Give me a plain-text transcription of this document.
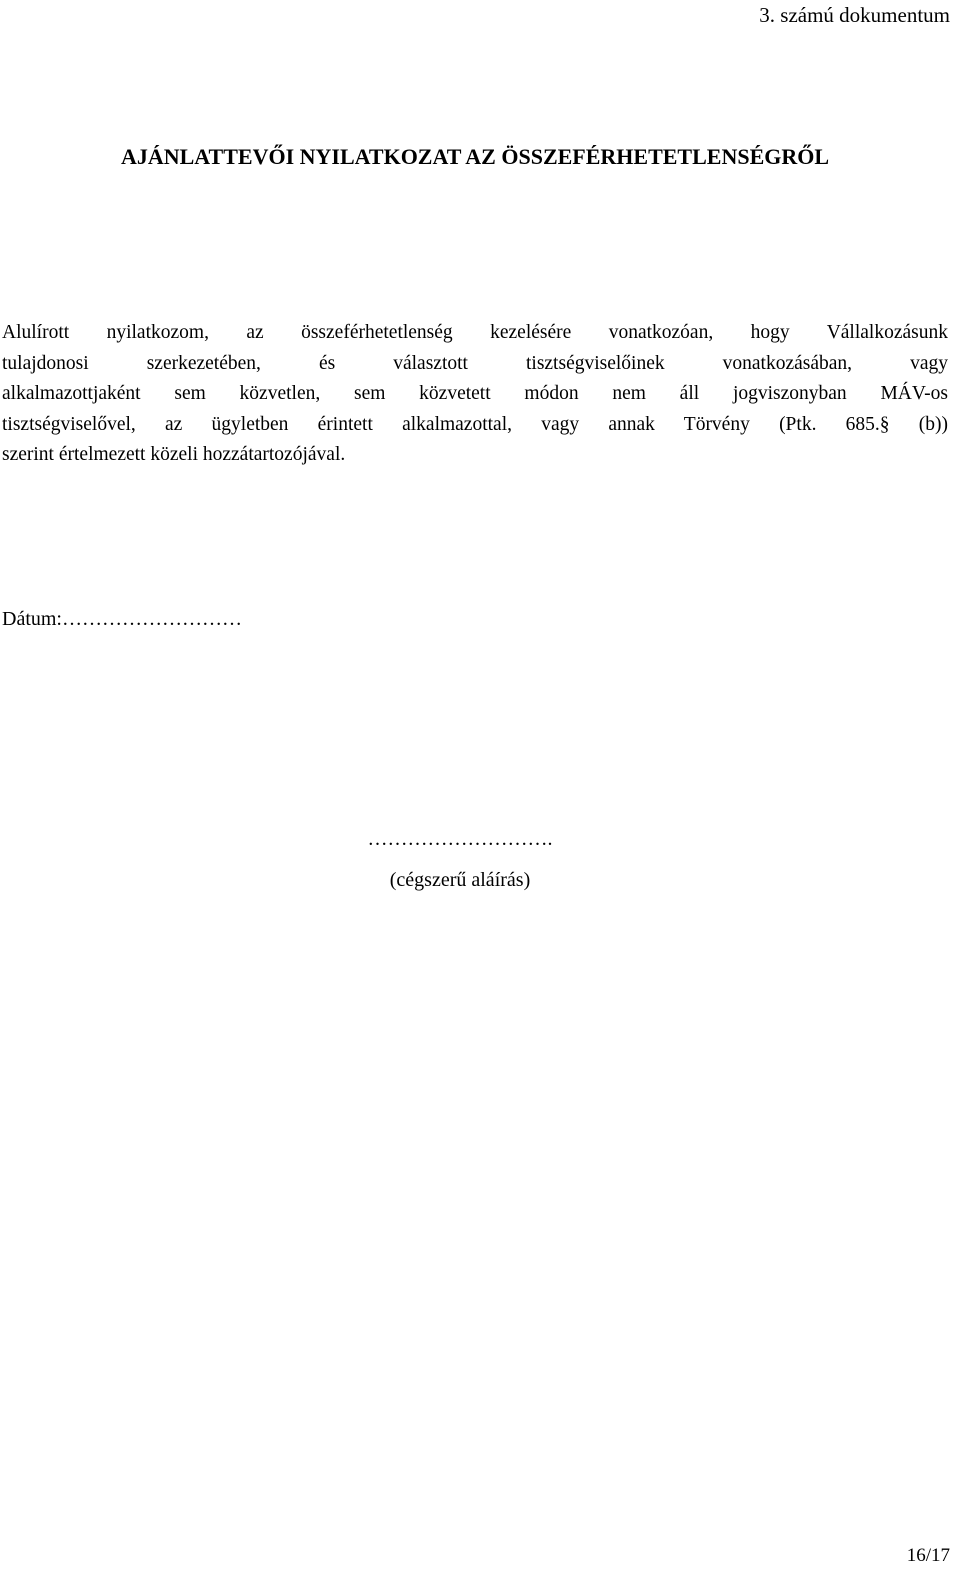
3. számú dokumentum
AJÁNLATTEVŐI NYILATKOZAT AZ ÖSSZEFÉRHETETLENSÉGRŐL

Alulírott nyilatkozom, az összeférhetetlenség kezelésére vonatkozóan, hogy Vállalkozásunk
tulajdonosi szerkezetében, és választott tisztségviselőinek vonatkozásában, vagy
alkalmazottjaként sem közvetlen, sem közvetett módon nem áll jogviszonyban MÁV-os
tisztségviselővel, az ügyletben érintett alkalmazottal, vagy annak Törvény (Ptk. 685.§ (b))
szerint értelmezett közeli hozzátartozójával.

Dátum:………………………
……………………….
(cégszerű aláírás)
16/17
